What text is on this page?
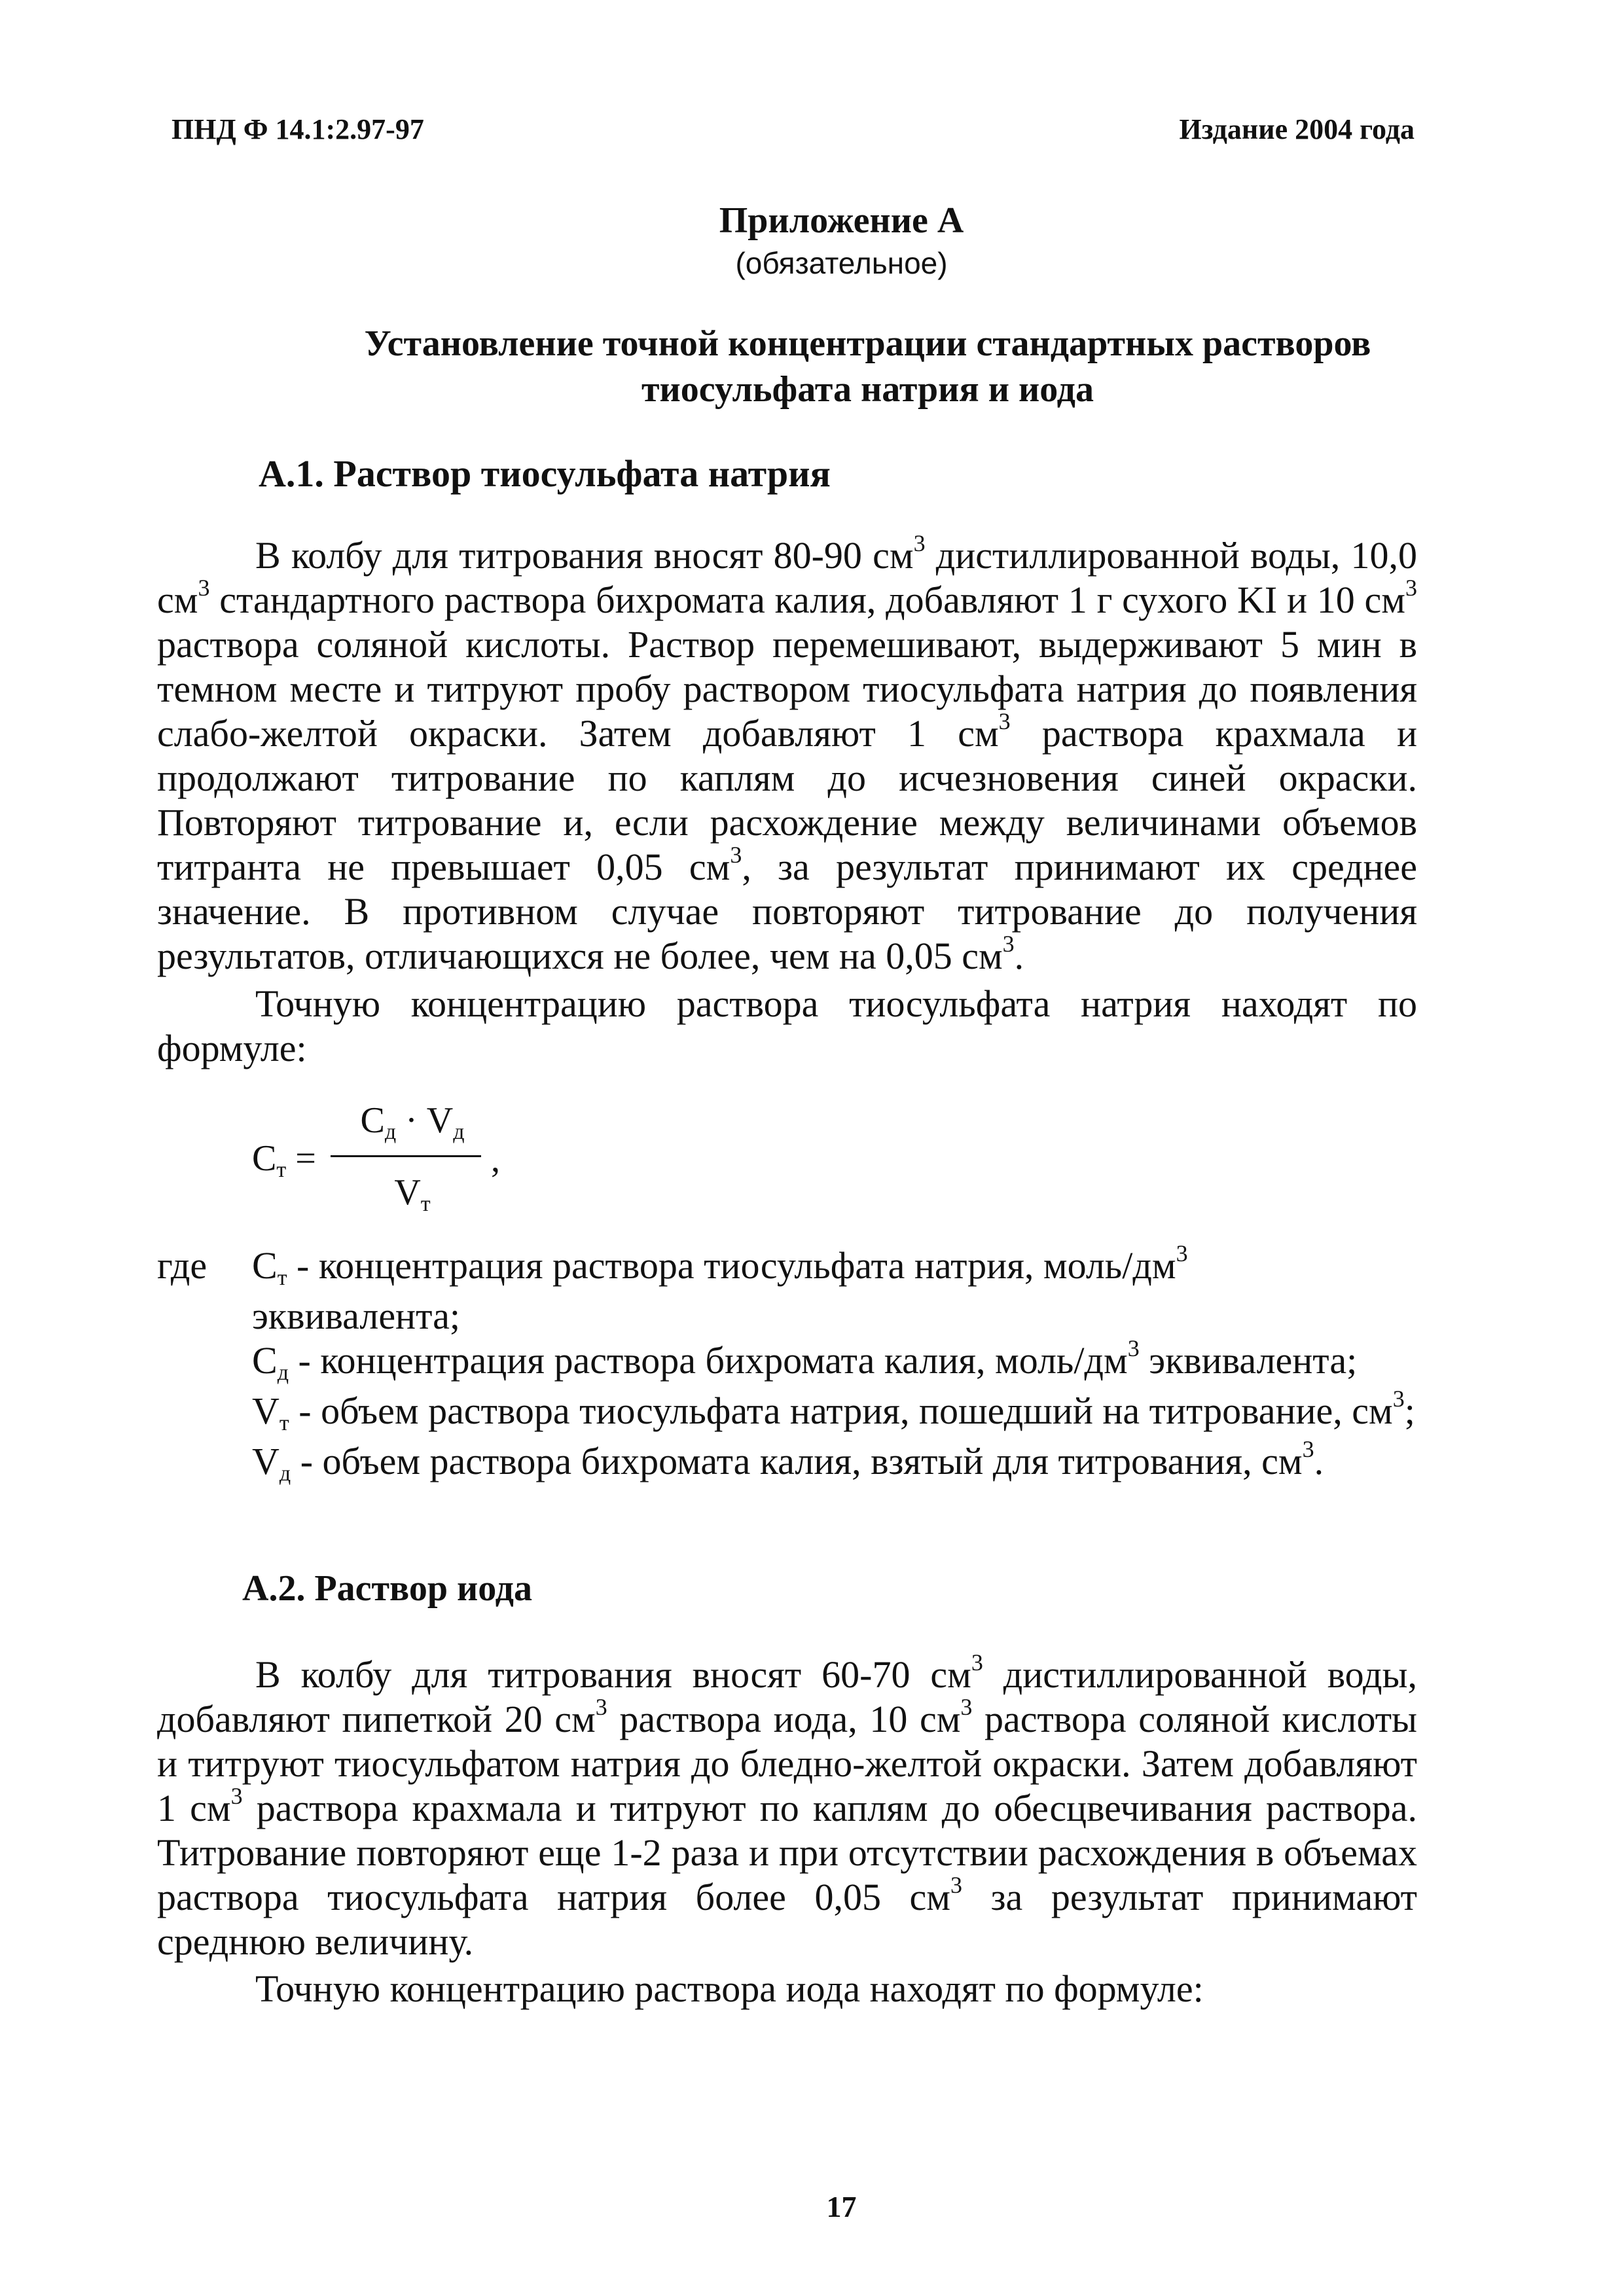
ПНД Ф 14.1:2.97-97	Издание 2004 года
Приложение А
(обязательное)
Установление точной концентрации стандартных растворов
тиосульфата натрия и иода
А.1. Раствор тиосульфата натрия

В колбу для титрования вносят 80-90 $см^3$ дистиллированной воды, 10,0 $см^3$ стандартного раствора бихромата калия, добавляют 1 г сухого KI и 10 $см^3$ раствора соляной кислоты. Раствор перемешивают, выдерживают 5 мин в темном месте и титруют пробу раствором тиосульфата натрия до появления слабо-желтой окраски. Затем добавляют 1 $см^3$ раствора крахмала и продолжают титрование по каплям до исчезновения синей окраски. Повторяют титрование и, если расхождение между величинами объемов титранта не превышает 0,05 $см^3$, за результат принимают их среднее значение. В противном случае повторяют титрование до получения результатов, отличающихся не более, чем на 0,05 $см^3$.

Точную концентрацию раствора тиосульфата натрия находят по формуле:

Cт =
Cд · Vд
Vт
,
где Cт - концентрация раствора тиосульфата натрия, моль/$дм^3$
эквивалента;

Cд - концентрация раствора бихромата калия, моль/$дм^3$ эквивалента;

Vт - объем раствора тиосульфата натрия, пошедший на титрование, $см^3$;

Vд - объем раствора бихромата калия, взятый для титрования, $см^3$.

А.2. Раствор иода

В колбу для титрования вносят 60-70 $см^3$ дистиллированной воды, добавляют пипеткой 20 $см^3$ раствора иода, 10 $см^3$ раствора соляной кислоты и титруют тиосульфатом натрия до бледно-желтой окраски. Затем добавляют 1 $см^3$ раствора крахмала и титруют по каплям до обесцвечивания раствора. Титрование повторяют еще 1-2 раза и при отсутствии расхождения в объемах раствора тиосульфата натрия более 0,05 $см^3$ за результат принимают среднюю величину.

Точную концентрацию раствора иода находят по формуле:

17
